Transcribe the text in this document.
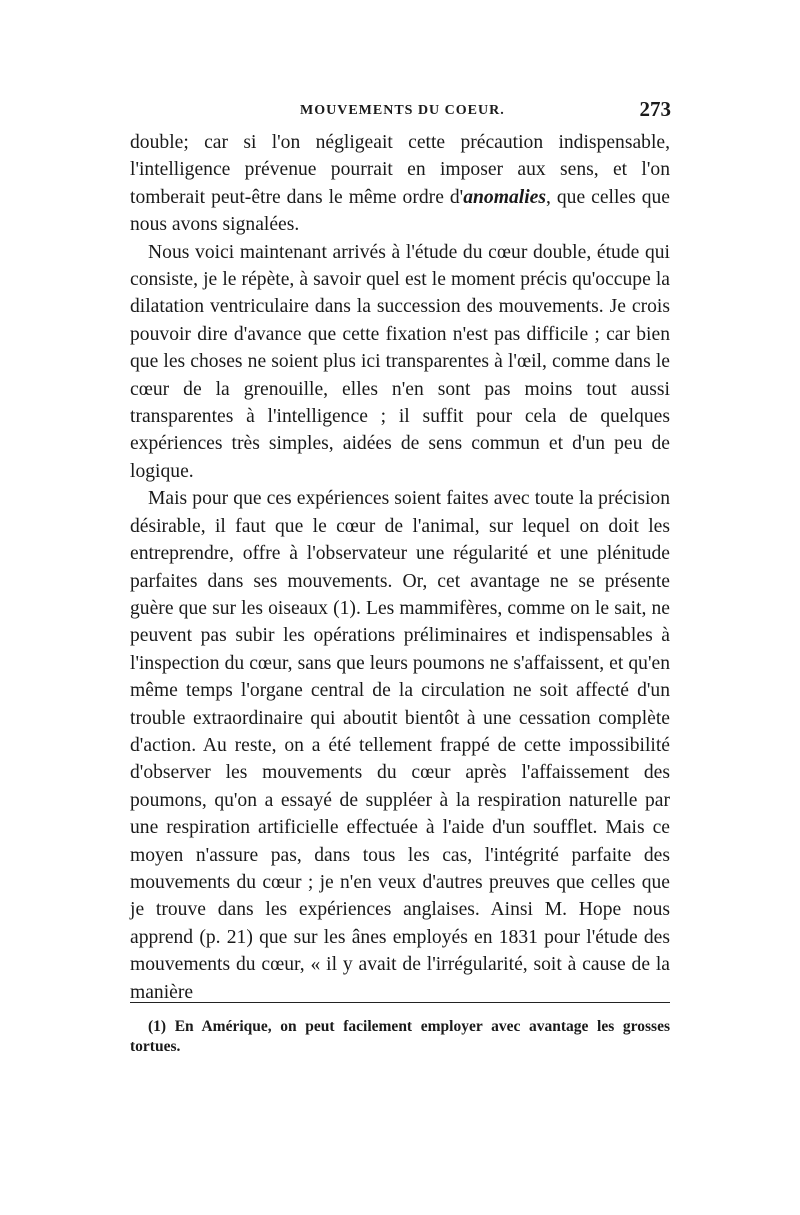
MOUVEMENTS DU COEUR.	273

double; car si l'on négligeait cette précaution indispensable, l'intelligence prévenue pourrait en imposer aux sens, et l'on tomberait peut-être dans le même ordre d'anomalies, que celles que nous avons signalées.

Nous voici maintenant arrivés à l'étude du cœur double, étude qui consiste, je le répète, à savoir quel est le moment précis qu'occupe la dilatation ventriculaire dans la succession des mouvements. Je crois pouvoir dire d'avance que cette fixation n'est pas difficile ; car bien que les choses ne soient plus ici transparentes à l'œil, comme dans le cœur de la grenouille, elles n'en sont pas moins tout aussi transparentes à l'intelligence ; il suffit pour cela de quelques expériences très simples, aidées de sens commun et d'un peu de logique.

Mais pour que ces expériences soient faites avec toute la précision désirable, il faut que le cœur de l'animal, sur lequel on doit les entreprendre, offre à l'observateur une régularité et une plénitude parfaites dans ses mouvements. Or, cet avantage ne se présente guère que sur les oiseaux (1). Les mammifères, comme on le sait, ne peuvent pas subir les opérations préliminaires et indispensables à l'inspection du cœur, sans que leurs poumons ne s'affaissent, et qu'en même temps l'organe central de la circulation ne soit affecté d'un trouble extraordinaire qui aboutit bientôt à une cessation complète d'action. Au reste, on a été tellement frappé de cette impossibilité d'observer les mouvements du cœur après l'affaissement des poumons, qu'on a essayé de suppléer à la respiration naturelle par une respiration artificielle effectuée à l'aide d'un soufflet. Mais ce moyen n'assure pas, dans tous les cas, l'intégrité parfaite des mouvements du cœur ; je n'en veux d'autres preuves que celles que je trouve dans les expériences anglaises. Ainsi M. Hope nous apprend (p. 21) que sur les ânes employés en 1831 pour l'étude des mouvements du cœur, « il y avait de l'irrégularité, soit à cause de la manière

(1) En Amérique, on peut facilement employer avec avantage les grosses tortues.
